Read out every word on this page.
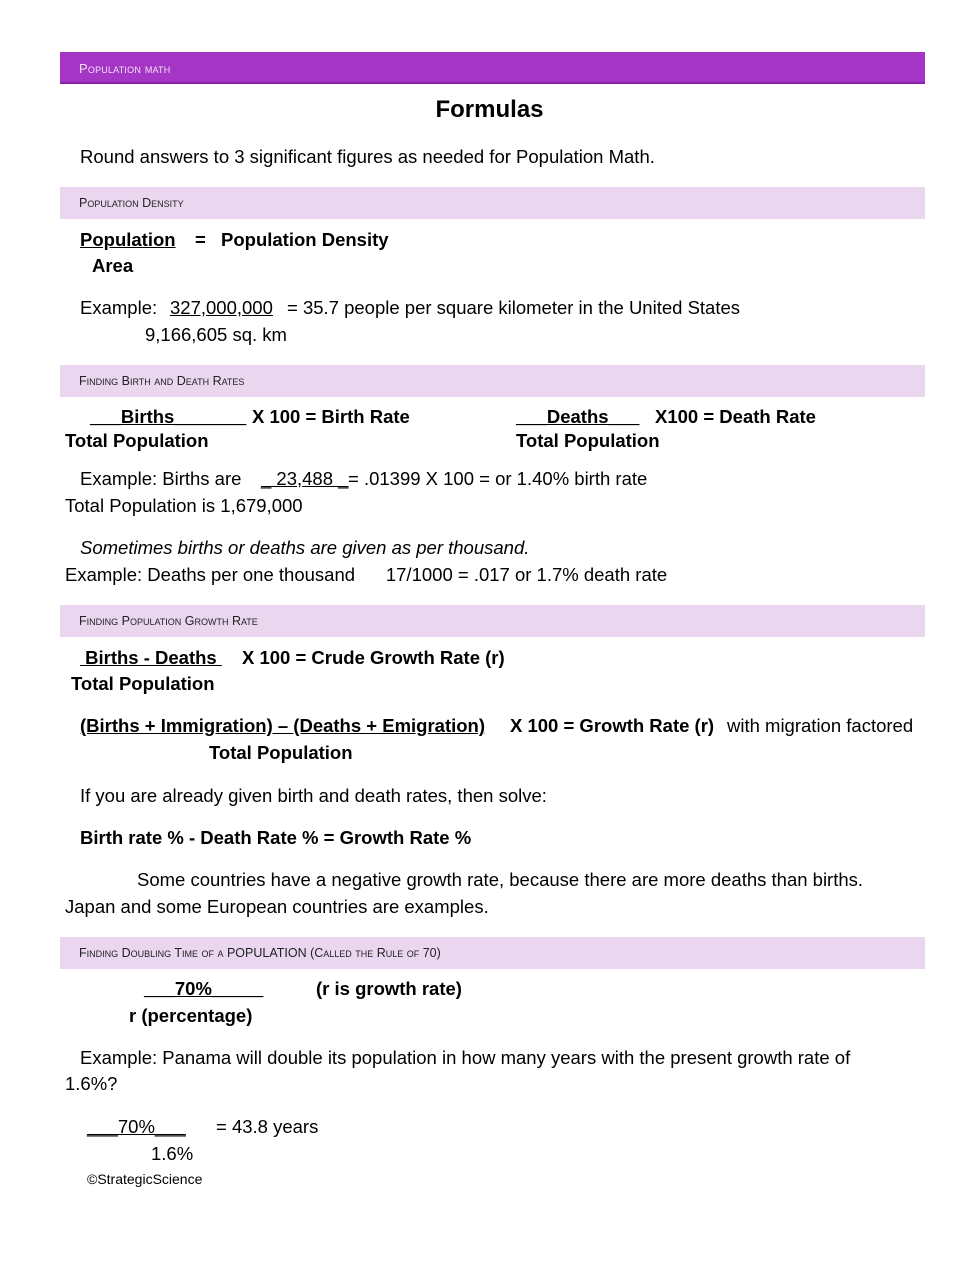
Population math
Formulas
Round answers to 3 significant figures as needed for Population Math.
Population Density
Population = Population Density
Area
Example: 327,000,000 = 35.7 people per square kilometer in the United States
9,166,605 sq. km
Finding Birth and Death Rates
___Births_______ X 100 = Birth Rate
Total Population
___Deaths___ X100 = Death Rate
Total Population
Example: Births are _ 23,488 _ = .01399 X 100 = or 1.40% birth rate
Total Population is 1,679,000
Sometimes births or deaths are given as per thousand.
Example: Deaths per one thousand      17/1000 = .017 or 1.7% death rate
Finding Population Growth Rate
Births - Deaths X 100 = Crude Growth Rate (r)
Total Population
(Births + Immigration) – (Deaths + Emigration) X 100 = Growth Rate (r) with migration factored
Total Population
If you are already given birth and death rates, then solve:
Birth rate % - Death Rate % = Growth Rate %
Some countries have a negative growth rate, because there are more deaths than births.
Japan and some European countries are examples.
Finding Doubling Time of a POPULATION (Called the Rule of 70)
___70%_____	(r is growth rate)
r (percentage)
Example: Panama will double its population in how many years with the present growth rate of
1.6%?
___70%___ = 43.8 years
1.6%
©StrategicScience
